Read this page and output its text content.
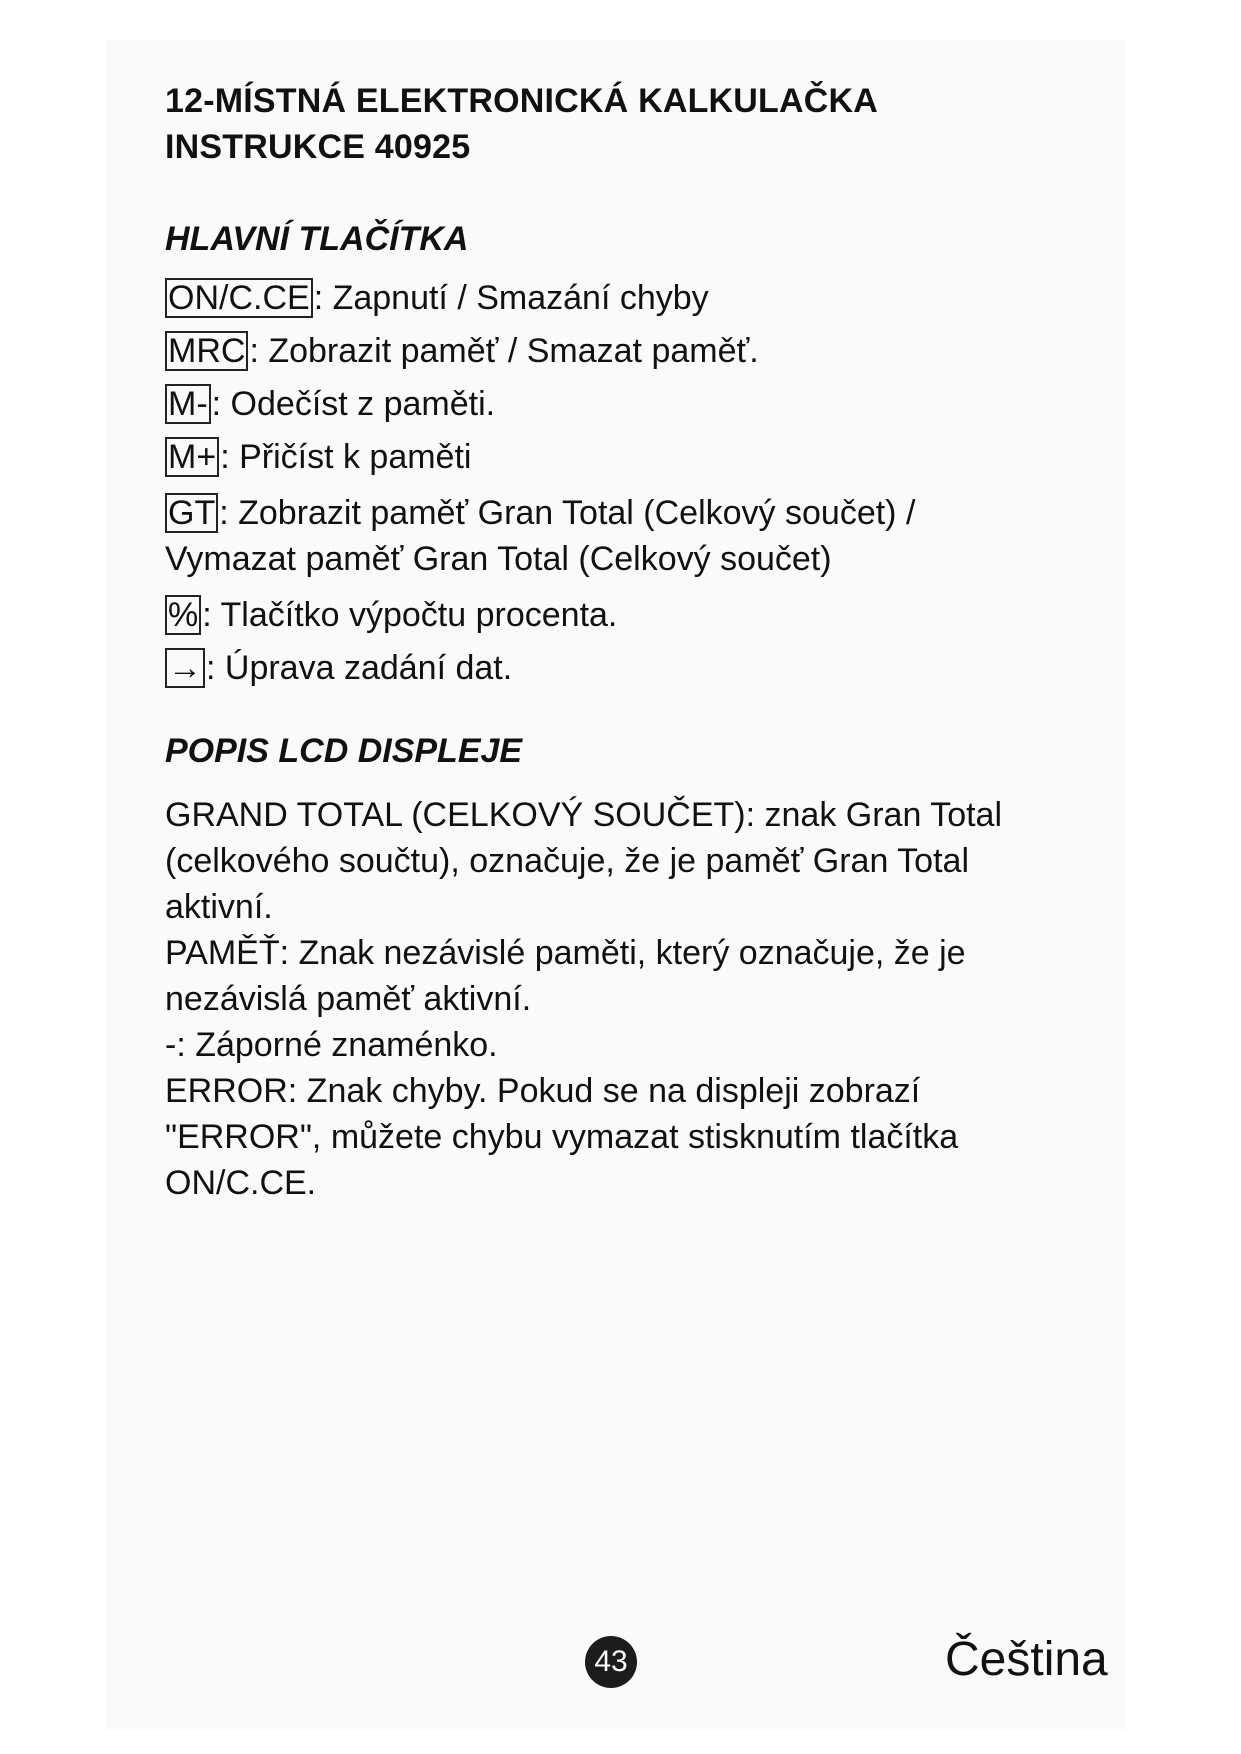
12-MÍSTNÁ ELEKTRONICKÁ KALKULAČKA
INSTRUKCE 40925
HLAVNÍ TLAČÍTKA

ON/C.CE : Zapnutí / Smazání chyby

MRC : Zobrazit paměť / Smazat paměť.

M- : Odečíst z paměti.

M+ : Přičíst k paměti

GT : Zobrazit paměť Gran Total (Celkový součet) / Vymazat paměť Gran Total (Celkový součet)

% : Tlačítko výpočtu procenta.

→ : Úprava zadání dat.

POPIS LCD DISPLEJE

GRAND TOTAL (CELKOVÝ SOUČET): znak Gran Total (celkového součtu), označuje, že je paměť Gran Total aktivní.

PAMĚŤ: Znak nezávislé paměti, který označuje, že je nezávislá paměť aktivní.

-: Záporné znaménko.

ERROR: Znak chyby. Pokud se na displeji zobrazí "ERROR", můžete chybu vymazat stisknutím tlačítka ON/C.CE.

43	Čeština
